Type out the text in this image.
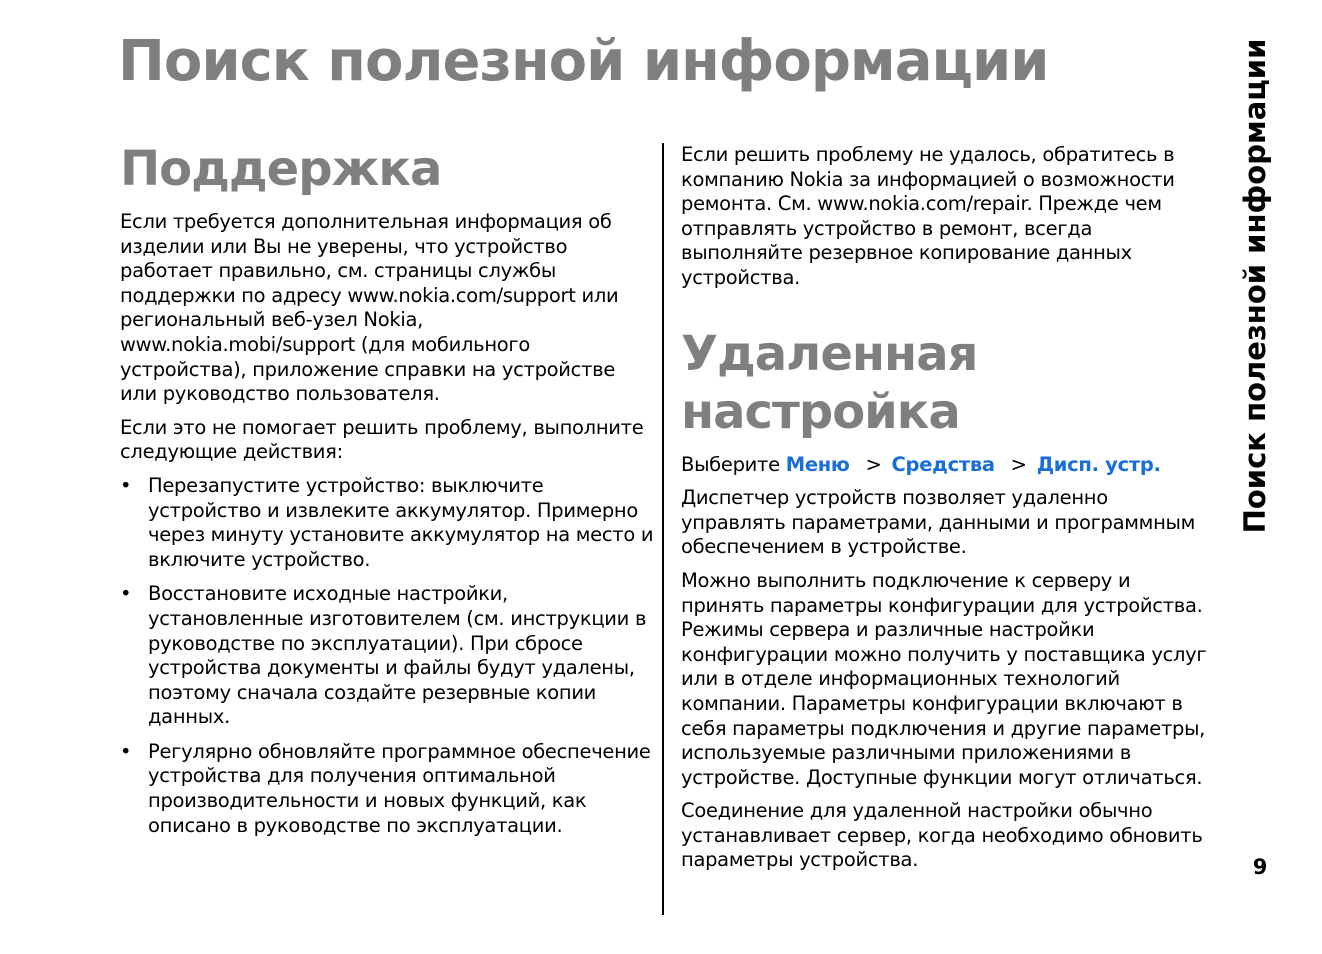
Поиск полезной информации
Поддержка

Если требуется дополнительная информация об изделии или Вы не уверены, что устройство работает правильно, см. страницы службы поддержки по адресу www.nokia.com/support или региональный веб-узел Nokia, www.nokia.mobi/support (для мобильного устройства), приложение справки на устройстве или руководство пользователя.

Если это не помогает решить проблему, выполните следующие действия:

• Перезапустите устройство: выключите устройство и извлеките аккумулятор. Примерно через минуту установите аккумулятор на место и включите устройство.
• Восстановите исходные настройки, установленные изготовителем (см. инструкции в руководстве по эксплуатации). При сбросе устройства документы и файлы будут удалены, поэтому сначала создайте резервные копии данных.
• Регулярно обновляйте программное обеспечение устройства для получения оптимальной производительности и новых функций, как описано в руководстве по эксплуатации.

Если решить проблему не удалось, обратитесь в компанию Nokia за информацией о возможности ремонта. См. www.nokia.com/repair. Прежде чем отправлять устройство в ремонт, всегда выполняйте резервное копирование данных устройства.

Удаленная настройка

Выберите Меню > Средства > Дисп. устр.

Диспетчер устройств позволяет удаленно управлять параметрами, данными и программным обеспечением в устройстве.

Можно выполнить подключение к серверу и принять параметры конфигурации для устройства. Режимы сервера и различные настройки конфигурации можно получить у поставщика услуг или в отделе информационных технологий компании. Параметры конфигурации включают в себя параметры подключения и другие параметры, используемые различными приложениями в устройстве. Доступные функции могут отличаться.

Соединение для удаленной настройки обычно устанавливает сервер, когда необходимо обновить параметры устройства.

Поиск полезной информации
9
